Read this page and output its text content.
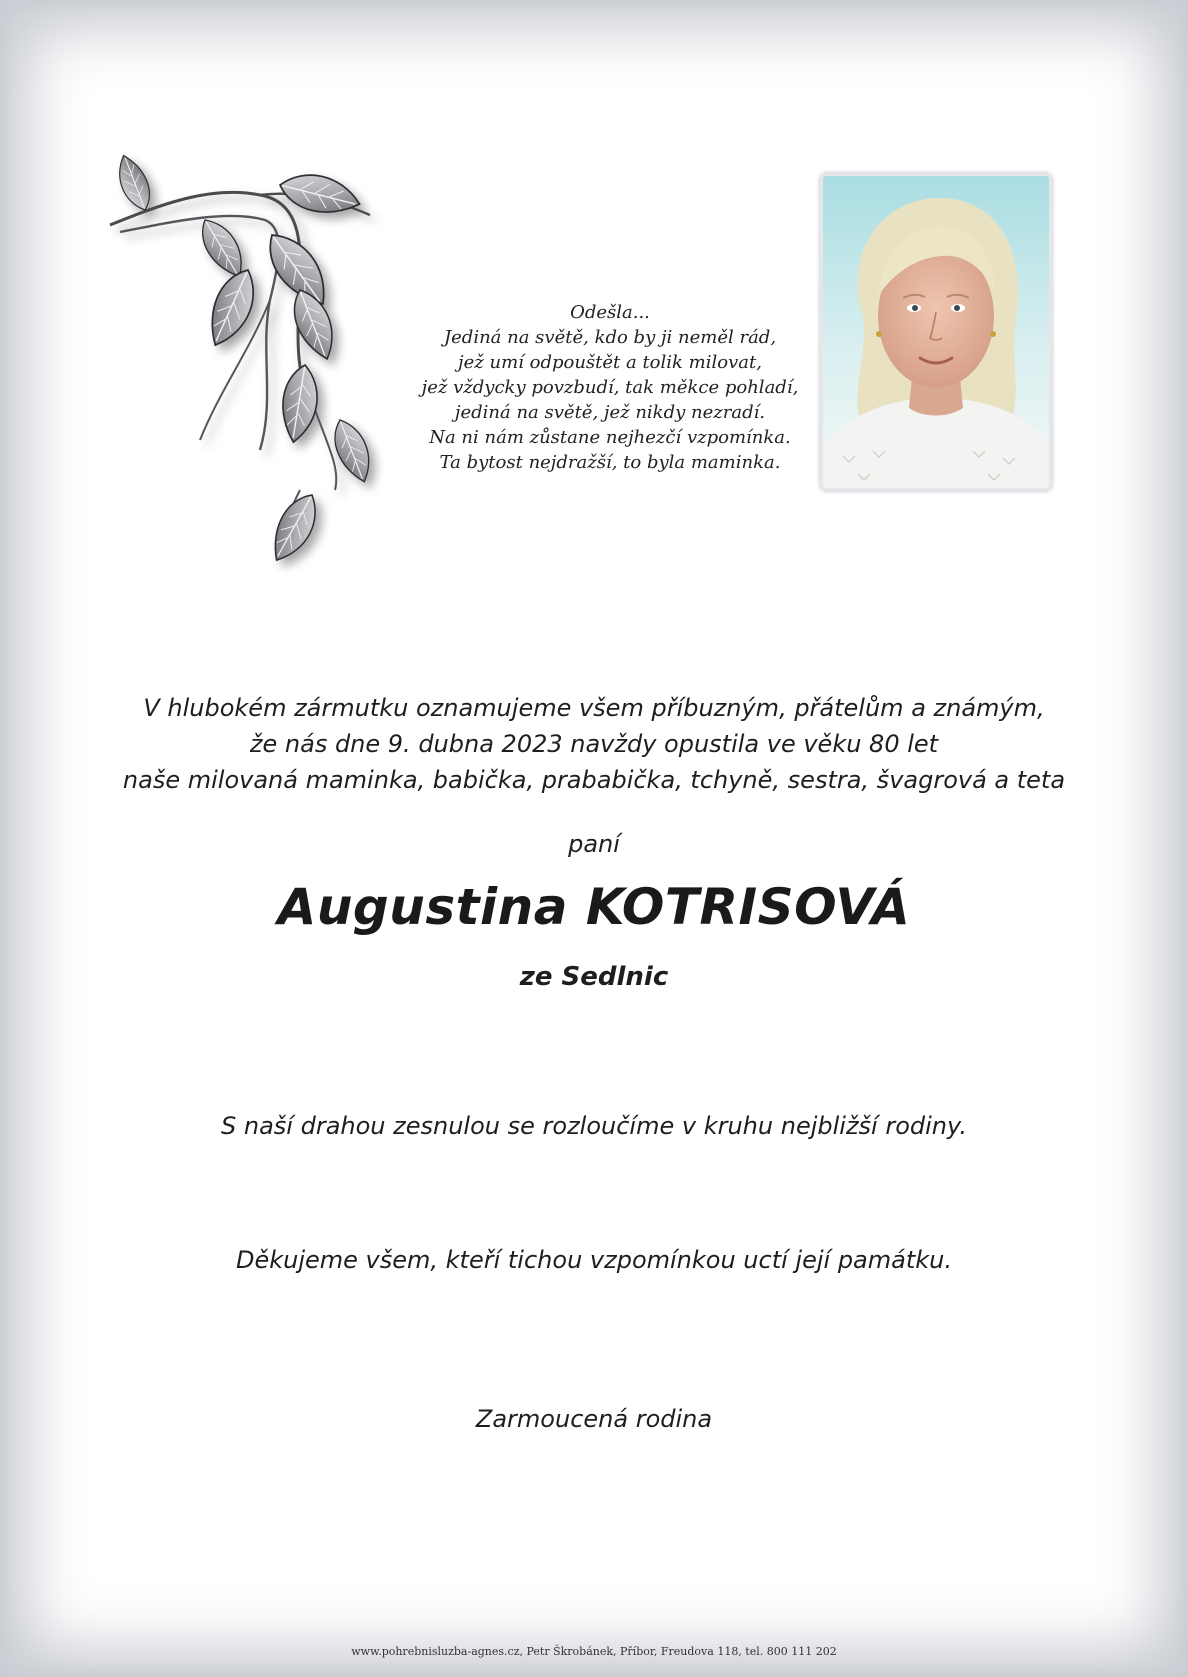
Odešla...
Jediná na světě, kdo by ji neměl rád,
jež umí odpouštět a tolik milovat,
jež vždycky povzbudí, tak měkce pohladí,
jediná na světě, jež nikdy nezradí.
Na ni nám zůstane nejhezčí vzpomínka.
Ta bytost nejdražší, to byla maminka.
V hlubokém zármutku oznamujeme všem příbuzným, přátelům a známým,
že nás dne 9. dubna 2023 navždy opustila ve věku 80 let
naše milovaná maminka, babička, prababička, tchyně, sestra, švagrová a teta
paní
Augustina KOTRISOVÁ
ze Sedlnic
S naší drahou zesnulou se rozloučíme v kruhu nejbližší rodiny.
Děkujeme všem, kteří tichou vzpomínkou uctí její památku.
Zarmoucená rodina
www.pohrebnisluzba-agnes.cz, Petr Škrobánek, Příbor, Freudova 118, tel. 800 111 202
